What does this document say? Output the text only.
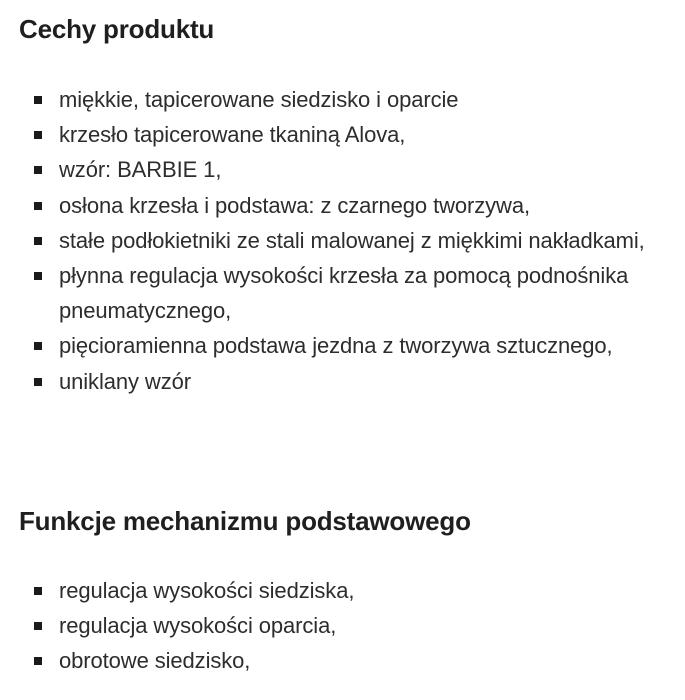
Cechy produktu
miękkie, tapicerowane siedzisko i oparcie
krzesło tapicerowane tkaniną Alova,
wzór: BARBIE 1,
osłona krzesła i podstawa: z czarnego tworzywa,
stałe podłokietniki ze stali malowanej z miękkimi nakładkami,
płynna regulacja wysokości krzesła za pomocą podnośnika pneumatycznego,
pięcioramienna podstawa jezdna z tworzywa sztucznego,
uniklany wzór
Funkcje mechanizmu podstawowego
regulacja wysokości siedziska,
regulacja wysokości oparcia,
obrotowe siedzisko,
